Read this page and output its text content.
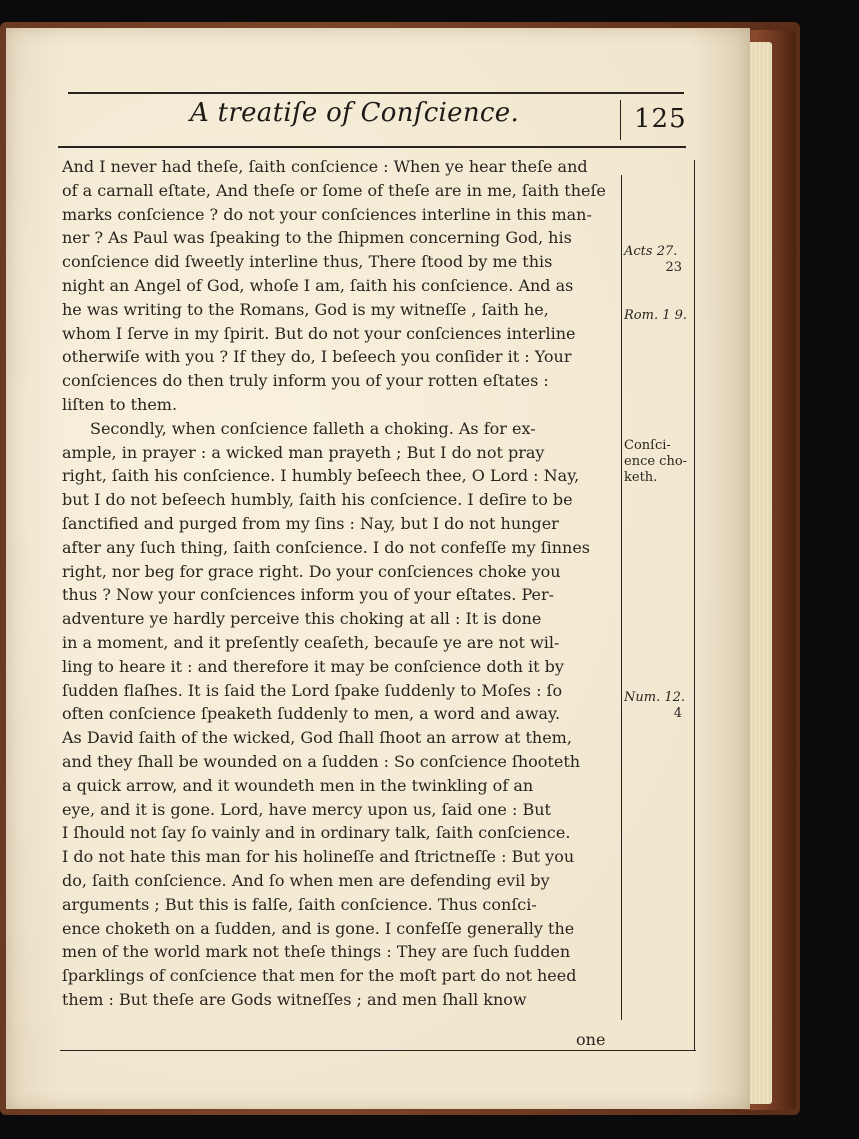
A treatiſe of Conſcience.	125
And I never had theſe, ſaith conſcience : When ye hear theſe and
of a carnall eſtate, And theſe or ſome of theſe are in me, ſaith theſe
marks conſcience ? do not your conſciences interline in this man-
ner ? As Paul was ſpeaking to the ſhipmen concerning God, his
conſcience did ſweetly interline thus, There ſtood by me this
night an Angel of God, whoſe I am, ſaith his conſcience. And as
he was writing to the Romans, God is my witneſſe , ſaith he,
whom I ſerve in my ſpirit. But do not your conſciences interline
otherwiſe with you ? If they do, I beſeech you conſider it : Your
conſciences do then truly inform you of your rotten eſtates :
liſten to them.
Secondly, when conſcience falleth a choking. As for ex-
ample, in prayer : a wicked man prayeth ; But I do not pray
right, ſaith his conſcience. I humbly beſeech thee, O Lord : Nay,
but I do not beſeech humbly, ſaith his conſcience. I deſire to be
ſanctified and purged from my ſins : Nay, but I do not hunger
after any ſuch thing, ſaith conſcience. I do not confeſſe my ſinnes
right, nor beg for grace right. Do your conſciences choke you
thus ? Now your conſciences inform you of your eſtates. Per-
adventure ye hardly perceive this choking at all : It is done
in a moment, and it preſently ceaſeth, becauſe ye are not wil-
ling to heare it : and therefore it may be conſcience doth it by
ſudden flaſhes. It is ſaid the Lord ſpake ſuddenly to Moſes : ſo
often conſcience ſpeaketh ſuddenly to men, a word and away.
As David ſaith of the wicked, God ſhall ſhoot an arrow at them,
and they ſhall be wounded on a ſudden : So conſcience ſhooteth
a quick arrow, and it woundeth men in the twinkling of an
eye, and it is gone. Lord, have mercy upon us, ſaid one : But
I ſhould not ſay ſo vainly and in ordinary talk, ſaith conſcience.
I do not hate this man for his holineſſe and ſtrictneſſe : But you
do, ſaith conſcience. And ſo when men are defending evil by
arguments ; But this is falſe, ſaith conſcience. Thus conſci-
ence choketh on a ſudden, and is gone. I confeſſe generally the
men of the world mark not theſe things : They are ſuch ſudden
ſparklings of conſcience that men for the moſt part do not heed
them : But theſe are Gods witneſſes ; and men ſhall know
one
Acts 27.

23
Rom. 1 9.
Conſci-
ence cho-
keth.
Num. 12.

4
